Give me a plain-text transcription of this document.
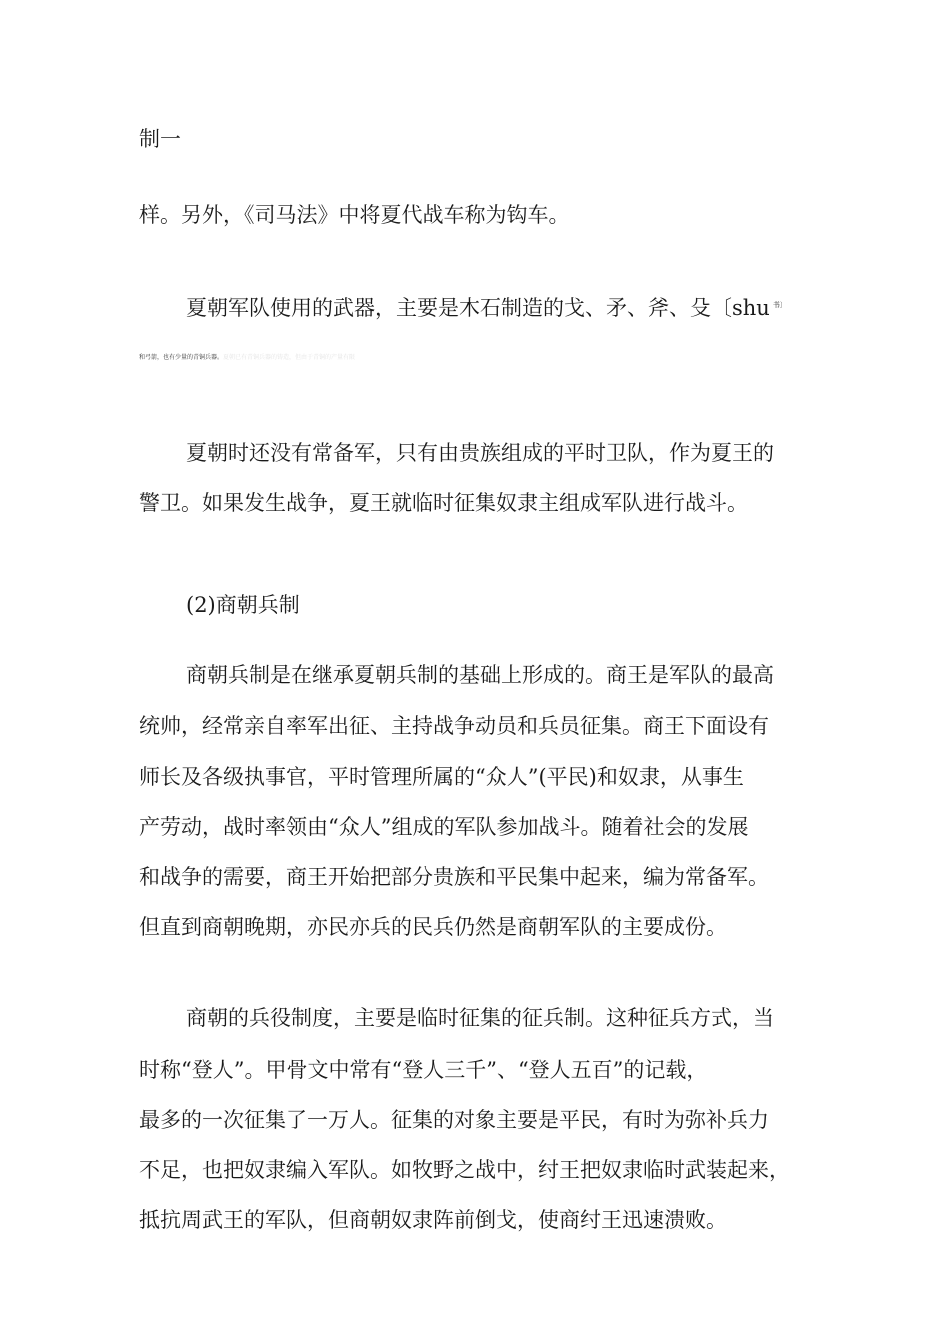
制一

样。另外，《司马法》中将夏代战车称为钩车。

夏朝军队使用的武器，主要是木石制造的戈、矛、斧、殳〔shu $^{书〕}$

和弓箭，也有少量的青铜兵器。夏朝已有青铜兵器的铸造，但由于青铜的产量有限

夏朝时还没有常备军，只有由贵族组成的平时卫队，作为夏王的

警卫。如果发生战争，夏王就临时征集奴隶主组成军队进行战斗。

(2)商朝兵制

商朝兵制是在继承夏朝兵制的基础上形成的。商王是军队的最高

统帅，经常亲自率军出征、主持战争动员和兵员征集。商王下面设有

师长及各级执事官，平时管理所属的“众人”(平民)和奴隶，从事生

产劳动，战时率领由“众人”组成的军队参加战斗。随着社会的发展

和战争的需要，商王开始把部分贵族和平民集中起来，编为常备军。

但直到商朝晚期，亦民亦兵的民兵仍然是商朝军队的主要成份。

商朝的兵役制度，主要是临时征集的征兵制。这种征兵方式，当

时称“登人”。甲骨文中常有“登人三千”、“登人五百”的记载，

最多的一次征集了一万人。征集的对象主要是平民，有时为弥补兵力

不足，也把奴隶编入军队。如牧野之战中，纣王把奴隶临时武装起来，

抵抗周武王的军队，但商朝奴隶阵前倒戈，使商纣王迅速溃败。
